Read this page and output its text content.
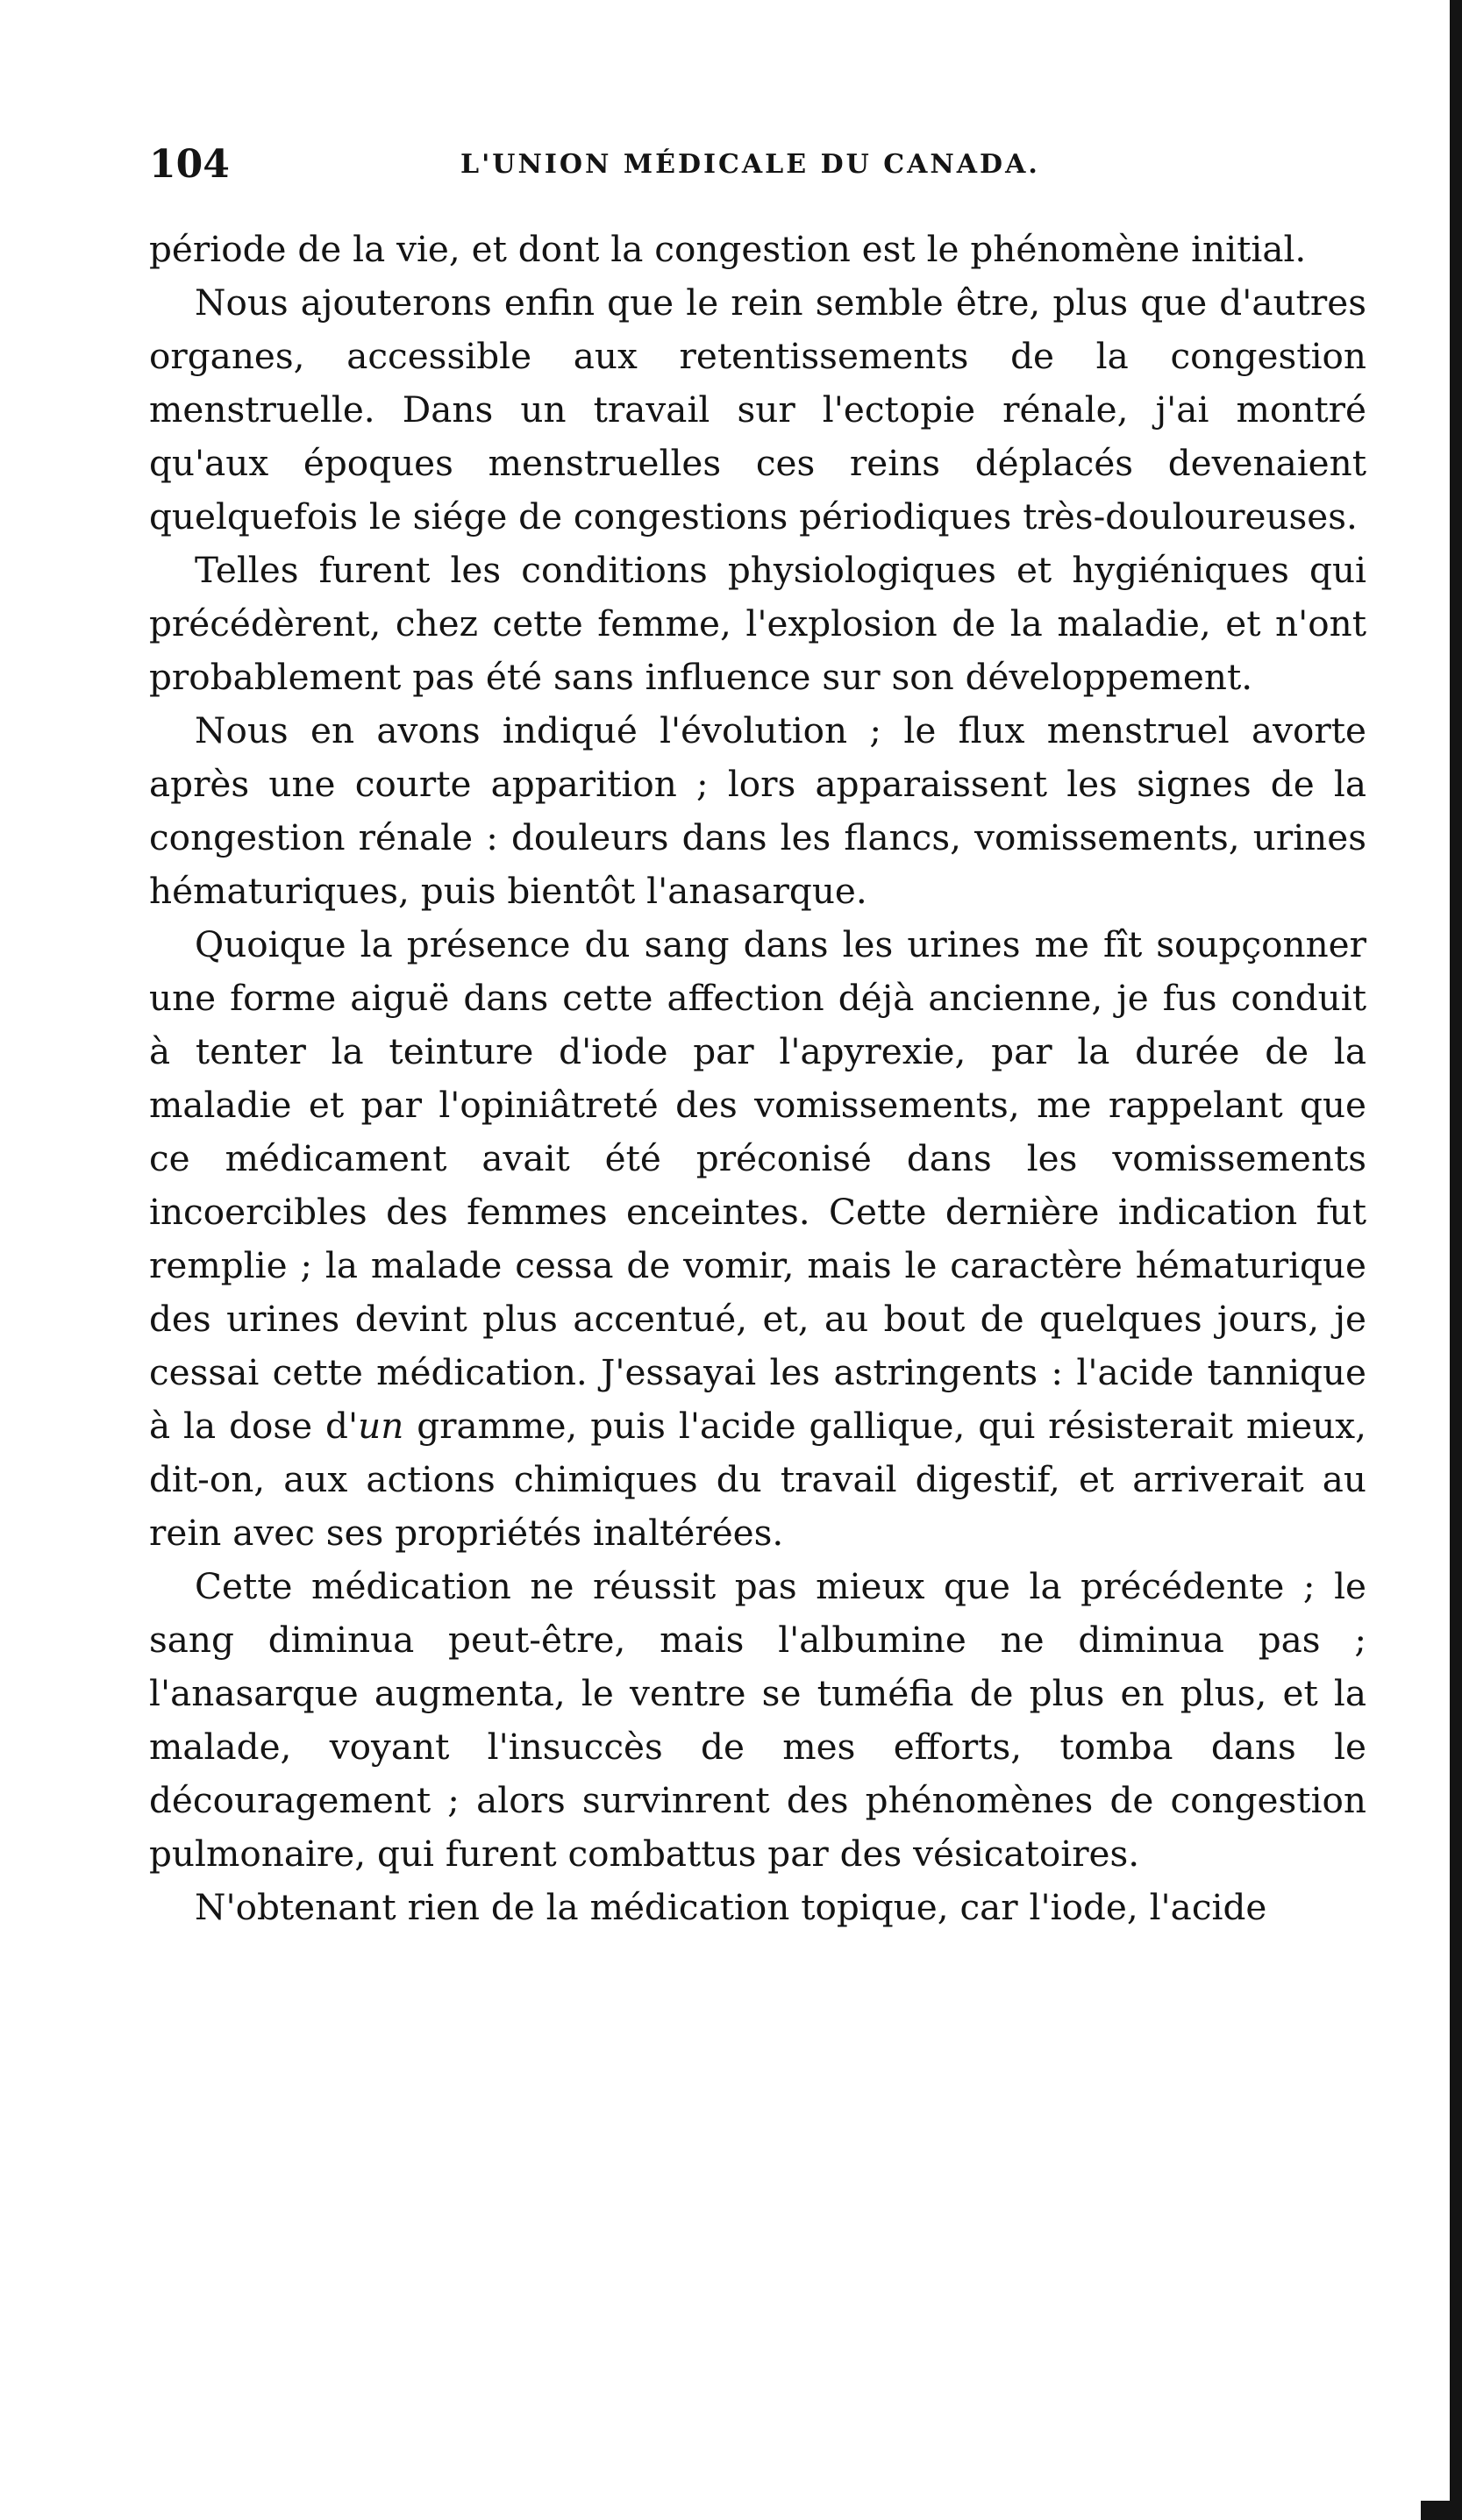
104	L'UNION MÉDICALE DU CANADA.

période de la vie, et dont la congestion est le phénomène initial.

Nous ajouterons enfin que le rein semble être, plus que d'autres organes, accessible aux retentissements de la congestion menstruelle. Dans un travail sur l'ectopie rénale, j'ai montré qu'aux époques menstruelles ces reins déplacés devenaient quelquefois le siége de congestions périodiques très-douloureuses.

Telles furent les conditions physiologiques et hygiéniques qui précédèrent, chez cette femme, l'explosion de la maladie, et n'ont probablement pas été sans influence sur son développement.

Nous en avons indiqué l'évolution ; le flux menstruel avorte après une courte apparition ; lors apparaissent les signes de la congestion rénale : douleurs dans les flancs, vomissements, urines hématuriques, puis bientôt l'anasarque.

Quoique la présence du sang dans les urines me fît soupçonner une forme aiguë dans cette affection déjà ancienne, je fus conduit à tenter la teinture d'iode par l'apyrexie, par la durée de la maladie et par l'opiniâtreté des vomissements, me rappelant que ce médicament avait été préconisé dans les vomissements incoercibles des femmes enceintes. Cette dernière indication fut remplie ; la malade cessa de vomir, mais le caractère hématurique des urines devint plus accentué, et, au bout de quelques jours, je cessai cette médication. J'essayai les astringents : l'acide tannique à la dose d'un gramme, puis l'acide gallique, qui résisterait mieux, dit-on, aux actions chimiques du travail digestif, et arriverait au rein avec ses propriétés inaltérées.

Cette médication ne réussit pas mieux que la précédente ; le sang diminua peut-être, mais l'albumine ne diminua pas ; l'anasarque augmenta, le ventre se tuméfia de plus en plus, et la malade, voyant l'insuccès de mes efforts, tomba dans le découragement ; alors survinrent des phénomènes de congestion pulmonaire, qui furent combattus par des vésicatoires.

N'obtenant rien de la médication topique, car l'iode, l'acide
